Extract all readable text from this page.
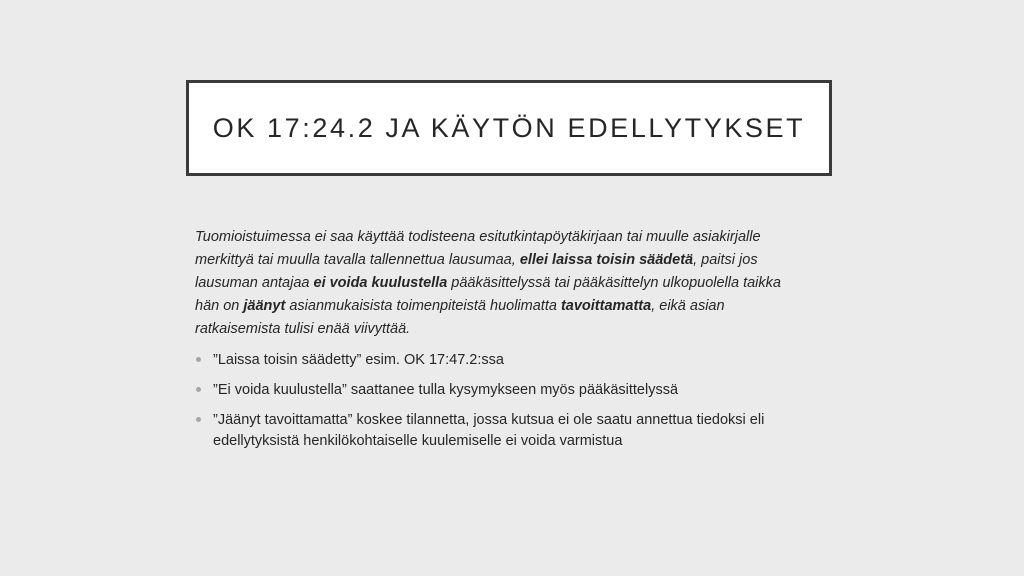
OK 17:24.2 JA KÄYTÖN EDELLYTYKSET

Tuomioistuimessa ei saa käyttää todisteena esitutkintapöytäkirjaan tai muulle asiakirjalle merkittyä tai muulla tavalla tallennettua lausumaa, ellei laissa toisin säädetä, paitsi jos lausuman antajaa ei voida kuulustella pääkäsittelyssä tai pääkäsittelyn ulkopuolella taikka hän on jäänyt asianmukaisista toimenpiteistä huolimatta tavoittamatta, eikä asian ratkaisemista tulisi enää viivyttää.

”Laissa toisin säädetty” esim. OK 17:47.2:ssa
”Ei voida kuulustella” saattanee tulla kysymykseen myös pääkäsittelyssä
”Jäänyt tavoittamatta” koskee tilannetta, jossa kutsua ei ole saatu annettua tiedoksi eli edellytyksistä henkilökohtaiselle kuulemiselle ei voida varmistua
